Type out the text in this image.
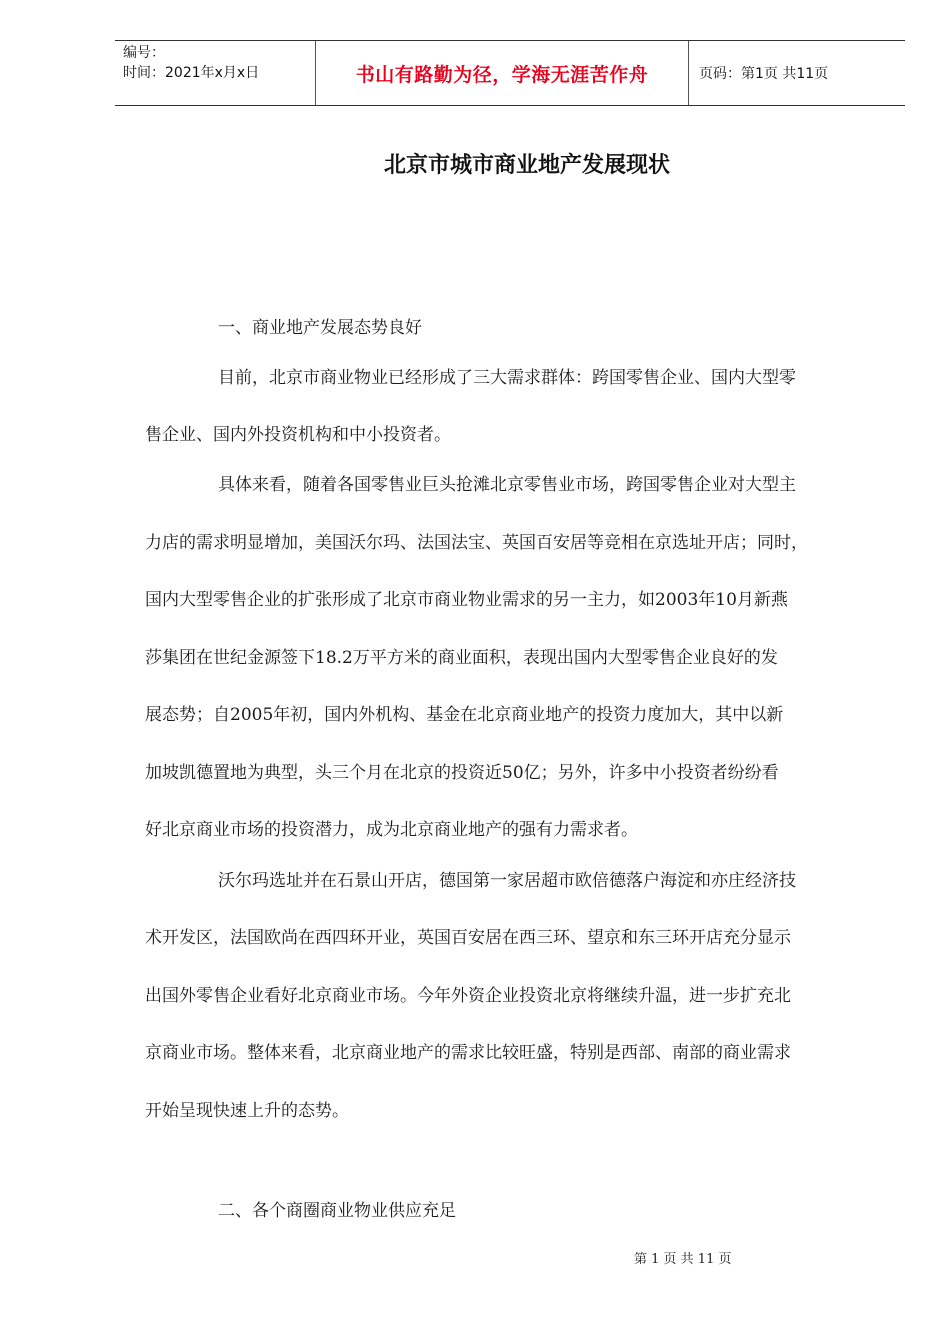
编号：
时间：2021年x月x日	书山有路勤为径，学海无涯苦作舟	页码：第1页 共11页
北京市城市商业地产发展现状
一、商业地产发展态势良好
目前，北京市商业物业已经形成了三大需求群体：跨国零售企业、国内大型零
售企业、国内外投资机构和中小投资者。
具体来看，随着各国零售业巨头抢滩北京零售业市场，跨国零售企业对大型主
力店的需求明显增加，美国沃尔玛、法国法宝、英国百安居等竞相在京选址开店；同时，
国内大型零售企业的扩张形成了北京市商业物业需求的另一主力，如2003年10月新燕
莎集团在世纪金源签下18.2万平方米的商业面积，表现出国内大型零售企业良好的发
展态势；自2005年初，国内外机构、基金在北京商业地产的投资力度加大，其中以新
加坡凯德置地为典型，头三个月在北京的投资近50亿；另外，许多中小投资者纷纷看
好北京商业市场的投资潜力，成为北京商业地产的强有力需求者。
沃尔玛选址并在石景山开店，德国第一家居超市欧倍德落户海淀和亦庄经济技
术开发区，法国欧尚在西四环开业，英国百安居在西三环、望京和东三环开店充分显示
出国外零售企业看好北京商业市场。今年外资企业投资北京将继续升温，进一步扩充北
京商业市场。整体来看，北京商业地产的需求比较旺盛，特别是西部、南部的商业需求
开始呈现快速上升的态势。
二、各个商圈商业物业供应充足
第 1 页 共 11 页
